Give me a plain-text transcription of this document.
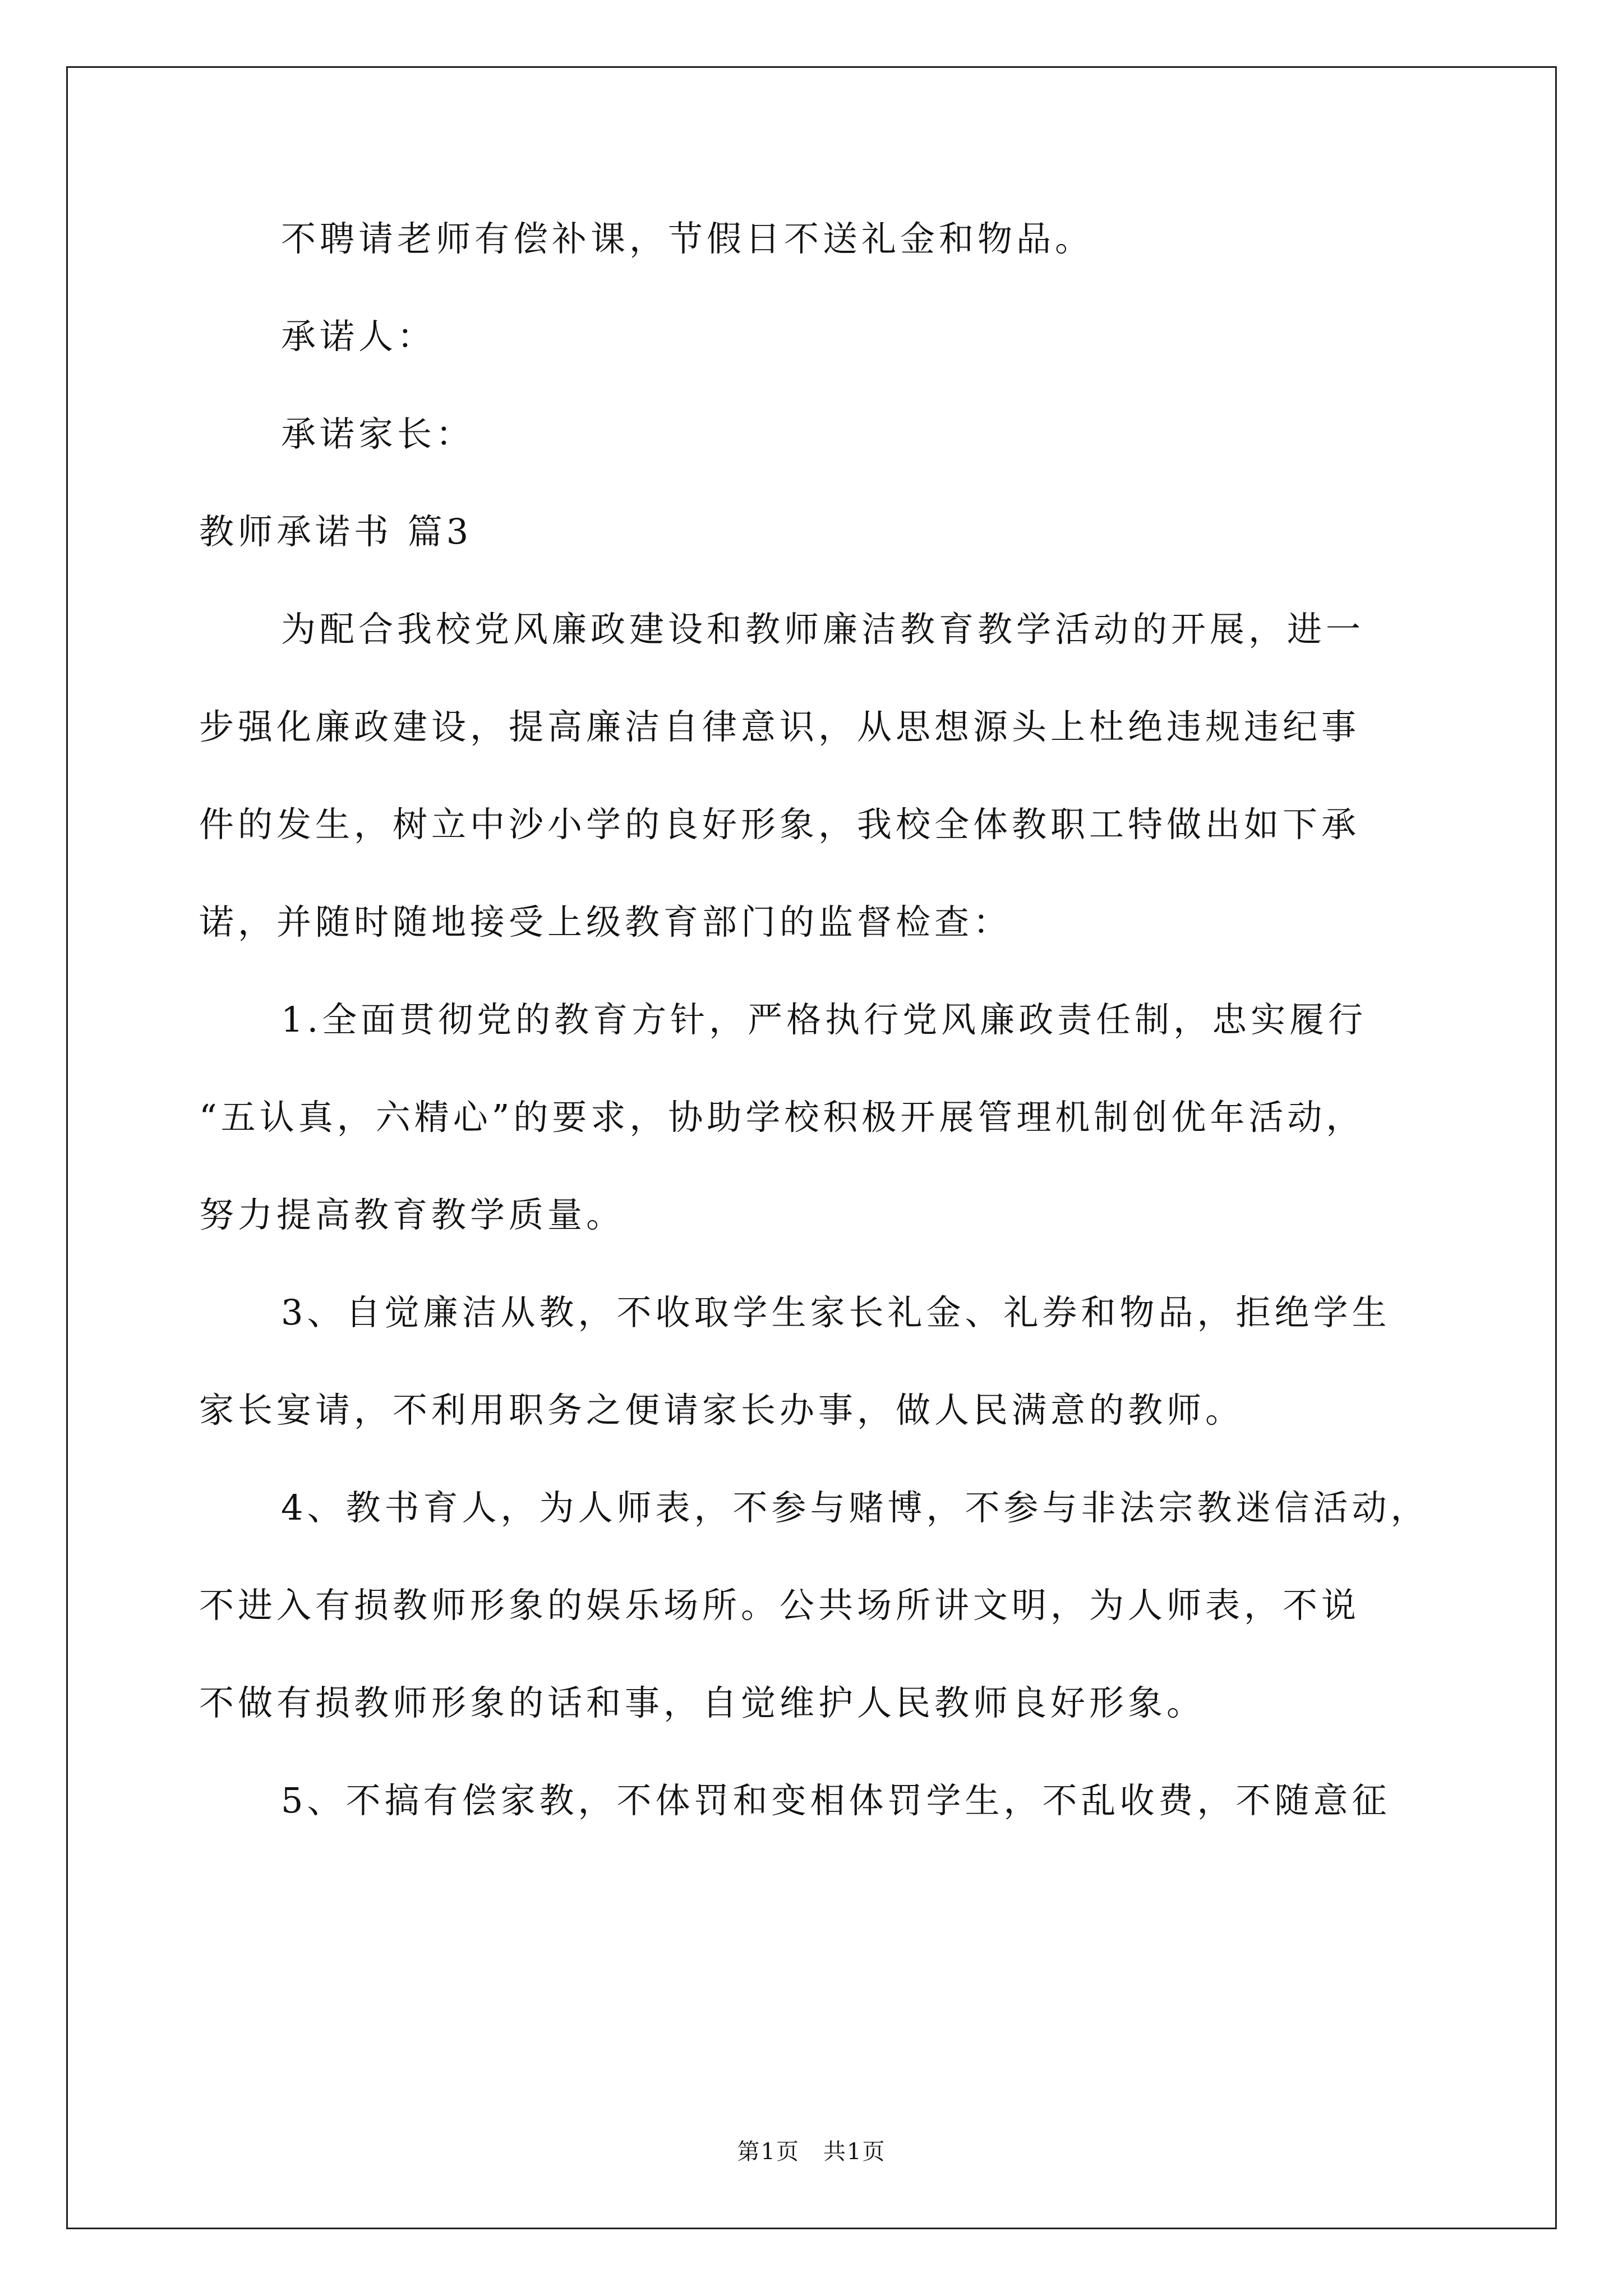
不聘请老师有偿补课，节假日不送礼金和物品。
承诺人：
承诺家长：
教师承诺书 篇3
为配合我校党风廉政建设和教师廉洁教育教学活动的开展，进一
步强化廉政建设，提高廉洁自律意识，从思想源头上杜绝违规违纪事
件的发生，树立中沙小学的良好形象，我校全体教职工特做出如下承
诺，并随时随地接受上级教育部门的监督检查：
1.全面贯彻党的教育方针，严格执行党风廉政责任制，忠实履行
“五认真，六精心”的要求，协助学校积极开展管理机制创优年活动，
努力提高教育教学质量。
3、自觉廉洁从教，不收取学生家长礼金、礼券和物品，拒绝学生
家长宴请，不利用职务之便请家长办事，做人民满意的教师。
4、教书育人，为人师表，不参与赌博，不参与非法宗教迷信活动，
不进入有损教师形象的娱乐场所。公共场所讲文明，为人师表，不说
不做有损教师形象的话和事，自觉维护人民教师良好形象。
5、不搞有偿家教，不体罚和变相体罚学生，不乱收费，不随意征
第1页　共1页
